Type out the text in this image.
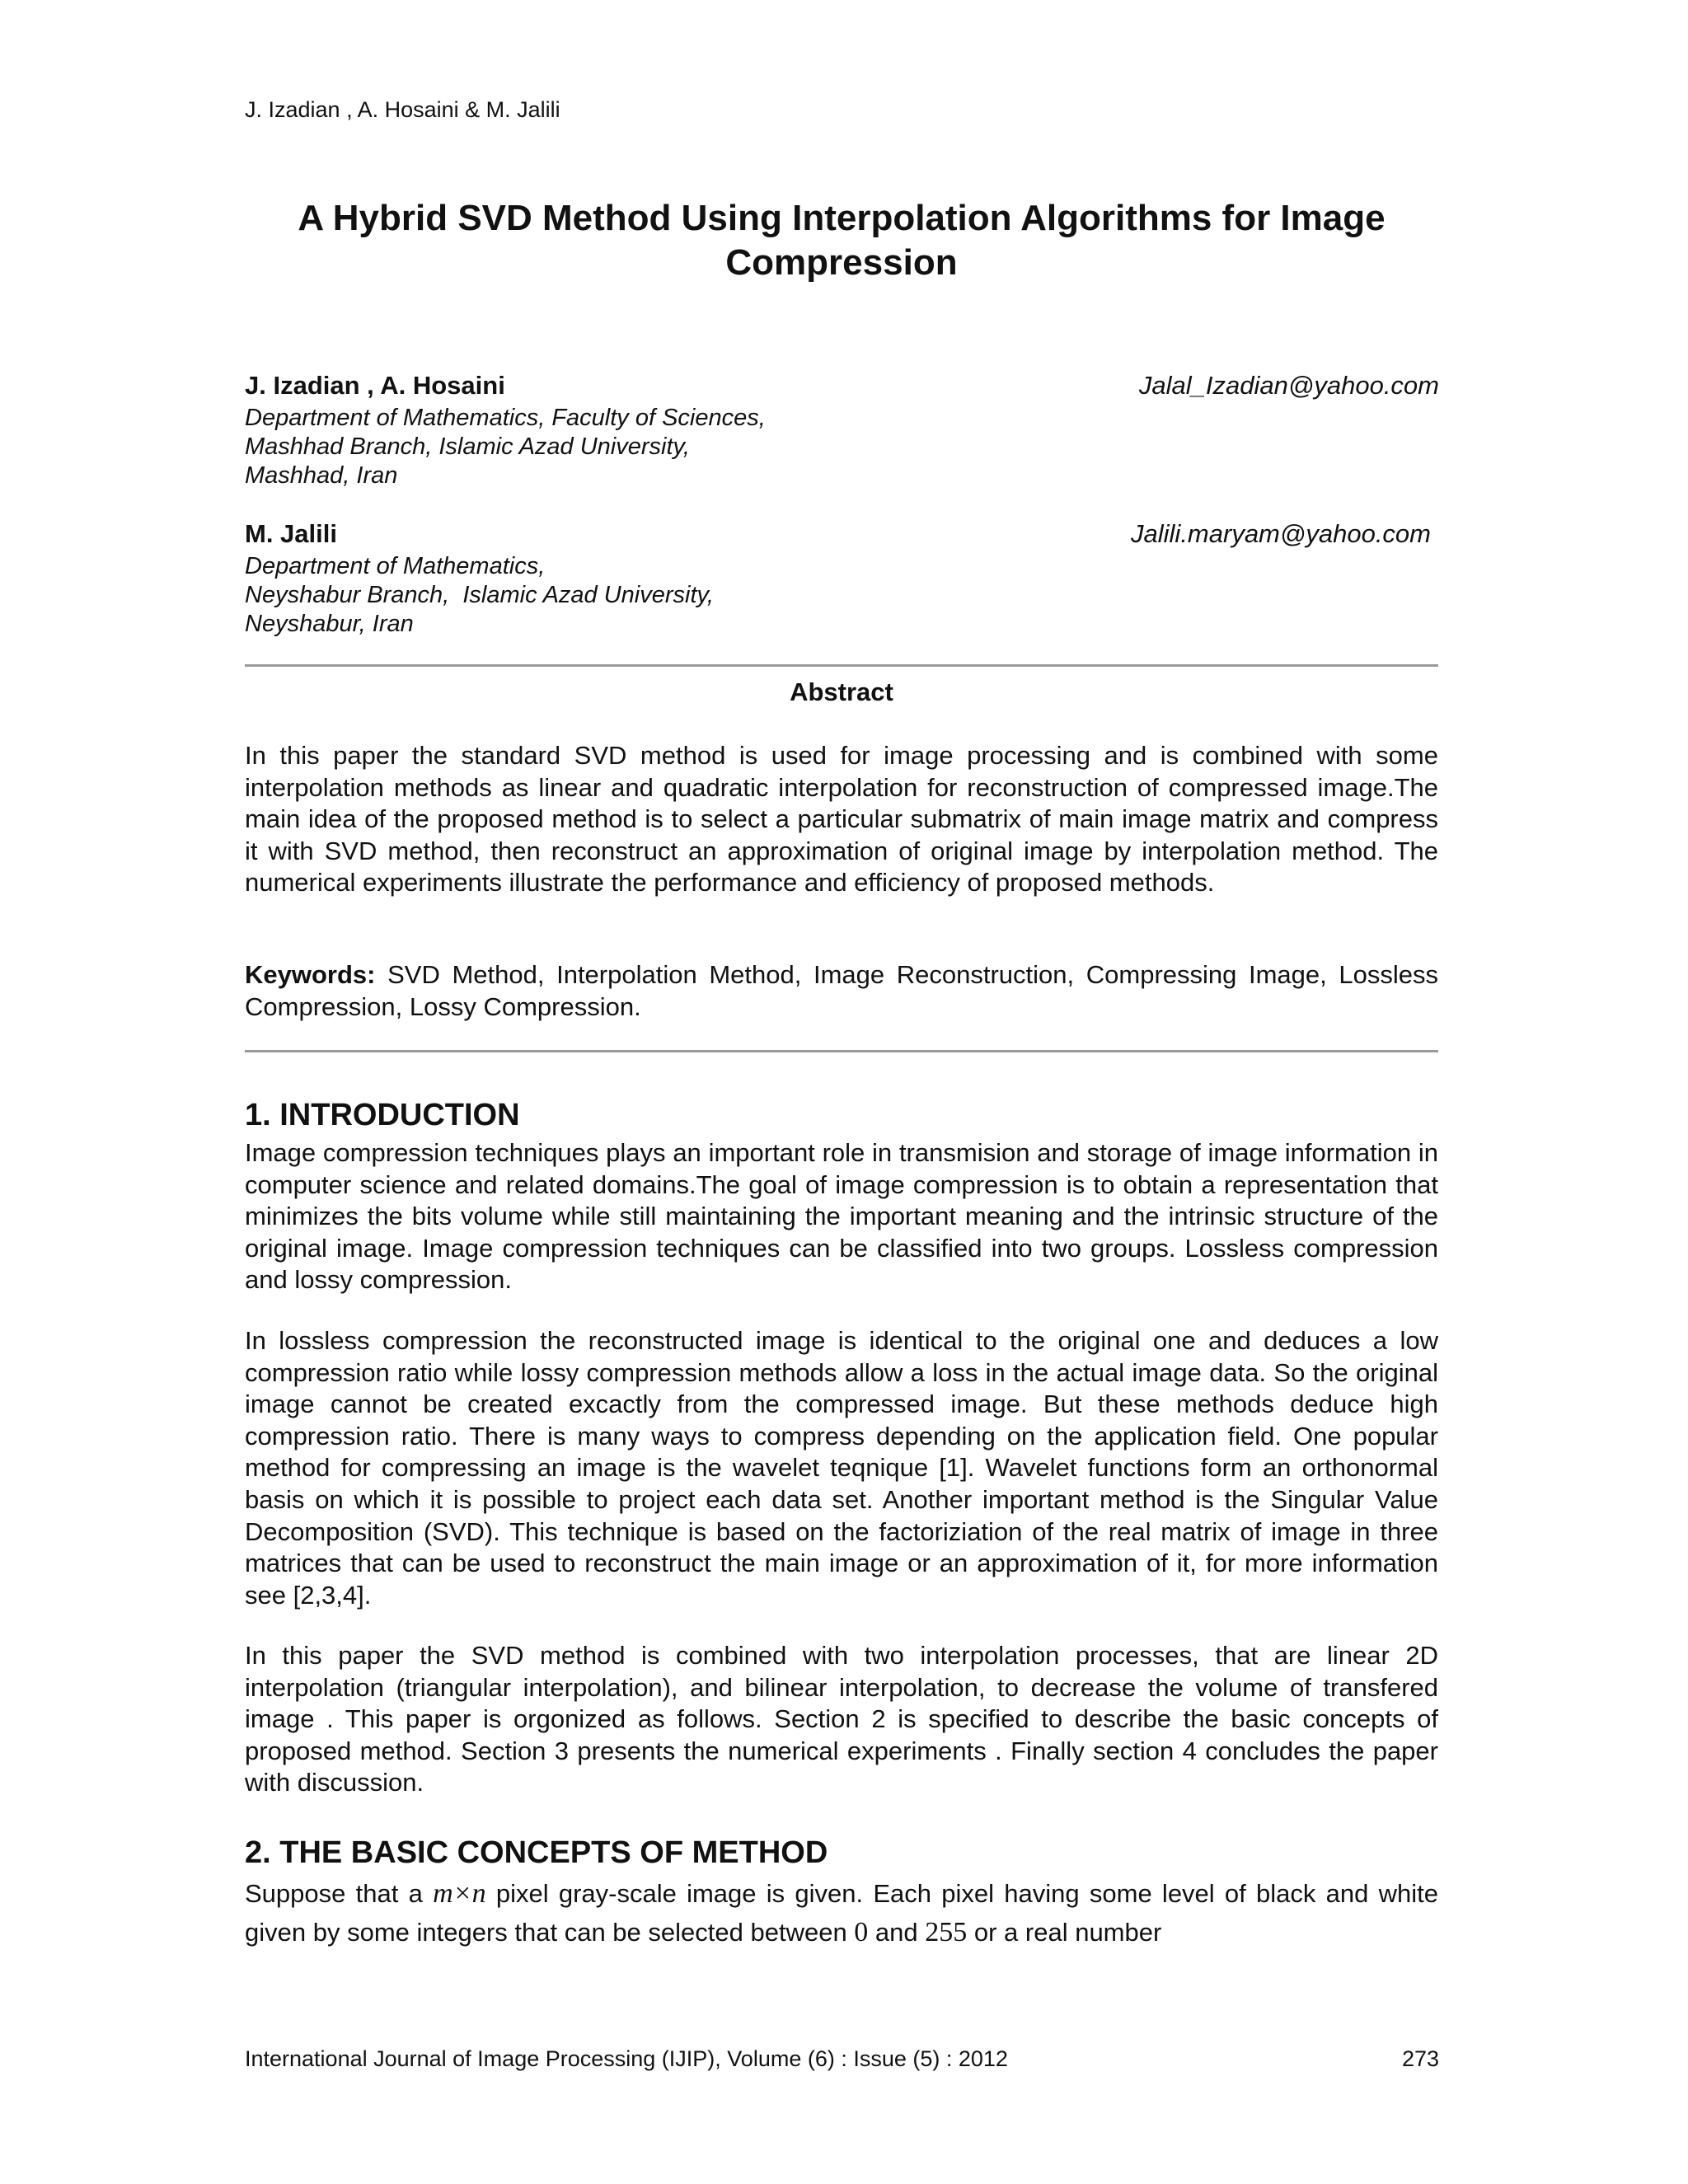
J. Izadian , A. Hosaini & M. Jalili
A Hybrid SVD Method Using Interpolation Algorithms for Image Compression
J. Izadian , A. Hosaini	Jalal_Izadian@yahoo.com
Department of Mathematics, Faculty of Sciences,
Mashhad Branch, Islamic Azad University,
Mashhad, Iran
M. Jalili	Jalili.maryam@yahoo.com
Department of Mathematics,
Neyshabur Branch,  Islamic Azad University,
Neyshabur, Iran
Abstract
In this paper the standard SVD method is used for image processing and is combined with some interpolation methods as linear and quadratic interpolation for reconstruction of compressed image.The main idea of the proposed method is to select a particular submatrix of main image matrix and compress it with SVD method, then reconstruct an approximation of original image by interpolation method. The numerical experiments illustrate the performance and efficiency of proposed methods.
Keywords: SVD Method, Interpolation Method, Image Reconstruction, Compressing Image, Lossless Compression, Lossy Compression.
1. INTRODUCTION
Image compression techniques plays an important role in transmision and storage of image information in computer science and related domains.The goal of image compression is to obtain a representation that minimizes the bits volume while still maintaining the important meaning and the intrinsic structure of the original image. Image compression techniques can be classified into two groups. Lossless compression and lossy compression.
In lossless compression the reconstructed image is identical to the original one and deduces a low compression ratio while lossy compression methods allow a loss in the actual image data. So the original image cannot be created excactly from the compressed image. But these methods deduce high compression ratio. There is many ways to compress depending on the application field. One popular method for compressing an image is the wavelet teqnique [1]. Wavelet functions form an orthonormal basis on which it is possible to project each data set. Another important method is the Singular Value Decomposition (SVD). This technique is based on the factoriziation of the real matrix of image in three matrices that can be used to reconstruct the main image or an approximation of it, for more information see [2,3,4].
In this paper the SVD method is combined with two interpolation processes, that are linear 2D interpolation (triangular interpolation), and bilinear interpolation, to decrease the volume of transfered image . This paper is orgonized as follows. Section 2 is specified to describe the basic concepts of proposed method. Section 3 presents the numerical experiments . Finally section 4 concludes the paper with discussion.
2. THE BASIC CONCEPTS OF METHOD
Suppose that a m×n pixel gray-scale image is given. Each pixel having some level of black and white given by some integers that can be selected between 0 and 255 or a real number
International Journal of Image Processing (IJIP), Volume (6) : Issue (5) : 2012	273
